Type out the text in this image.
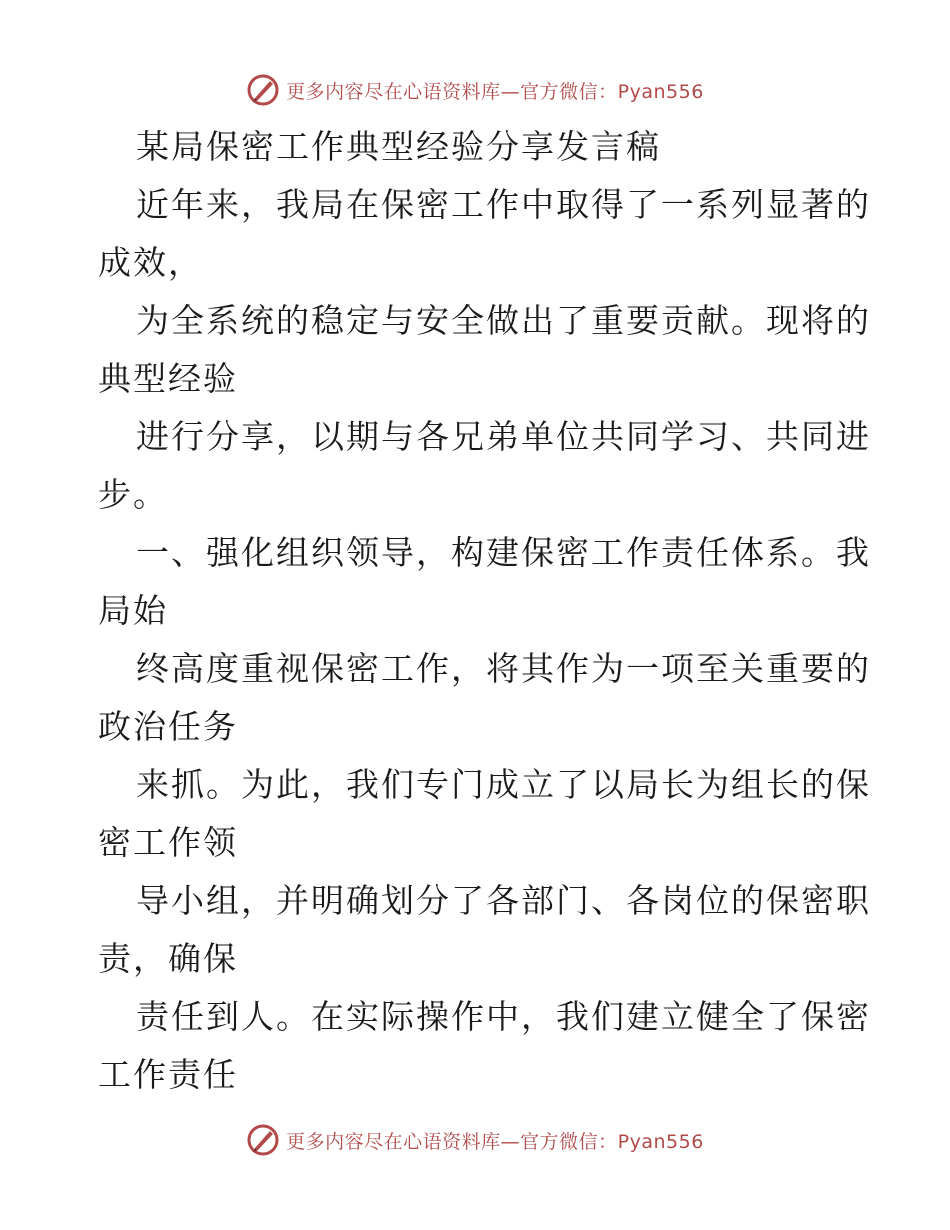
更多内容尽在心语资料库—官方微信：Pyan556
某局保密工作典型经验分享发言稿
近年来，我局在保密工作中取得了一系列显著的
成效，
为全系统的稳定与安全做出了重要贡献。现将的
典型经验
进行分享，以期与各兄弟单位共同学习、共同进
步。
一、强化组织领导，构建保密工作责任体系。我
局始
终高度重视保密工作，将其作为一项至关重要的
政治任务
来抓。为此，我们专门成立了以局长为组长的保
密工作领
导小组，并明确划分了各部门、各岗位的保密职
责，确保
责任到人。在实际操作中，我们建立健全了保密
工作责任
更多内容尽在心语资料库—官方微信：Pyan556
